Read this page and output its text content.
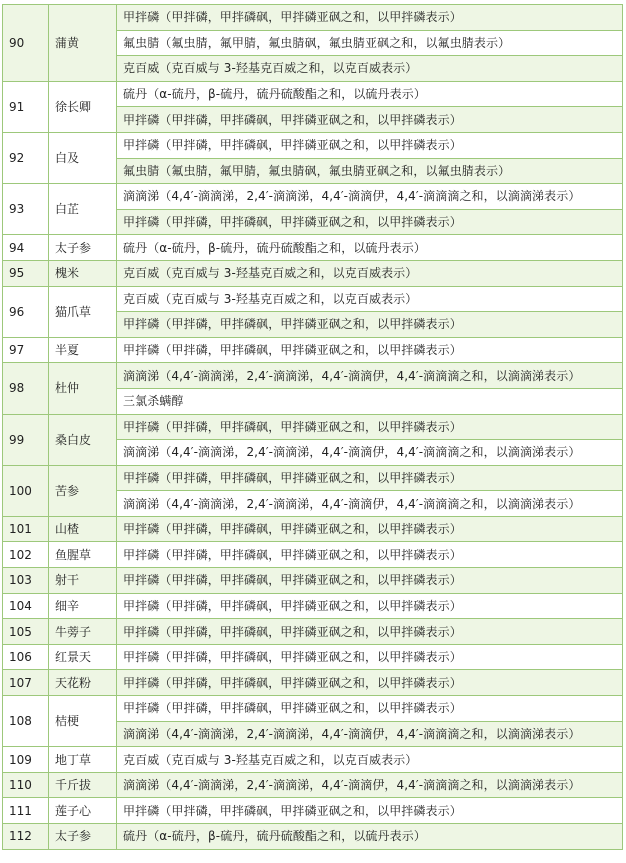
90	蒲黄	甲拌磷（甲拌磷，甲拌磷砜，甲拌磷亚砜之和，以甲拌磷表示）
		氟虫腈（氟虫腈，氟甲腈，氟虫腈砜，氟虫腈亚砜之和，以氟虫腈表示）
		克百威（克百威与 3-羟基克百威之和，以克百威表示）
91	徐长卿	硫丹（α-硫丹，β-硫丹，硫丹硫酸酯之和，以硫丹表示）
		甲拌磷（甲拌磷，甲拌磷砜，甲拌磷亚砜之和，以甲拌磷表示）
92	白及	甲拌磷（甲拌磷，甲拌磷砜，甲拌磷亚砜之和，以甲拌磷表示）
		氟虫腈（氟虫腈，氟甲腈，氟虫腈砜，氟虫腈亚砜之和，以氟虫腈表示）
93	白芷	滴滴涕（4,4′-滴滴涕，2,4′-滴滴涕，4,4′-滴滴伊，4,4′-滴滴滴之和，以滴滴涕表示）
		甲拌磷（甲拌磷，甲拌磷砜，甲拌磷亚砜之和，以甲拌磷表示）
94	太子参	硫丹（α-硫丹，β-硫丹，硫丹硫酸酯之和，以硫丹表示）
95	槐米	克百威（克百威与 3-羟基克百威之和，以克百威表示）
96	猫爪草	克百威（克百威与 3-羟基克百威之和，以克百威表示）
		甲拌磷（甲拌磷，甲拌磷砜，甲拌磷亚砜之和，以甲拌磷表示）
97	半夏	甲拌磷（甲拌磷，甲拌磷砜，甲拌磷亚砜之和，以甲拌磷表示）
98	杜仲	滴滴涕（4,4′-滴滴涕，2,4′-滴滴涕，4,4′-滴滴伊，4,4′-滴滴滴之和，以滴滴涕表示）
		三氯杀螨醇
99	桑白皮	甲拌磷（甲拌磷，甲拌磷砜，甲拌磷亚砜之和，以甲拌磷表示）
		滴滴涕（4,4′-滴滴涕，2,4′-滴滴涕，4,4′-滴滴伊，4,4′-滴滴滴之和，以滴滴涕表示）
100	苦参	甲拌磷（甲拌磷，甲拌磷砜，甲拌磷亚砜之和，以甲拌磷表示）
		滴滴涕（4,4′-滴滴涕，2,4′-滴滴涕，4,4′-滴滴伊，4,4′-滴滴滴之和，以滴滴涕表示）
101	山楂	甲拌磷（甲拌磷，甲拌磷砜，甲拌磷亚砜之和，以甲拌磷表示）
102	鱼腥草	甲拌磷（甲拌磷，甲拌磷砜，甲拌磷亚砜之和，以甲拌磷表示）
103	射干	甲拌磷（甲拌磷，甲拌磷砜，甲拌磷亚砜之和，以甲拌磷表示）
104	细辛	甲拌磷（甲拌磷，甲拌磷砜，甲拌磷亚砜之和，以甲拌磷表示）
105	牛蒡子	甲拌磷（甲拌磷，甲拌磷砜，甲拌磷亚砜之和，以甲拌磷表示）
106	红景天	甲拌磷（甲拌磷，甲拌磷砜，甲拌磷亚砜之和，以甲拌磷表示）
107	天花粉	甲拌磷（甲拌磷，甲拌磷砜，甲拌磷亚砜之和，以甲拌磷表示）
108	桔梗	甲拌磷（甲拌磷，甲拌磷砜，甲拌磷亚砜之和，以甲拌磷表示）
		滴滴涕（4,4′-滴滴涕，2,4′-滴滴涕，4,4′-滴滴伊，4,4′-滴滴滴之和，以滴滴涕表示）
109	地丁草	克百威（克百威与 3-羟基克百威之和，以克百威表示）
110	千斤拔	滴滴涕（4,4′-滴滴涕，2,4′-滴滴涕，4,4′-滴滴伊，4,4′-滴滴滴之和，以滴滴涕表示）
111	莲子心	甲拌磷（甲拌磷，甲拌磷砜，甲拌磷亚砜之和，以甲拌磷表示）
112	太子参	硫丹（α-硫丹，β-硫丹，硫丹硫酸酯之和，以硫丹表示）
